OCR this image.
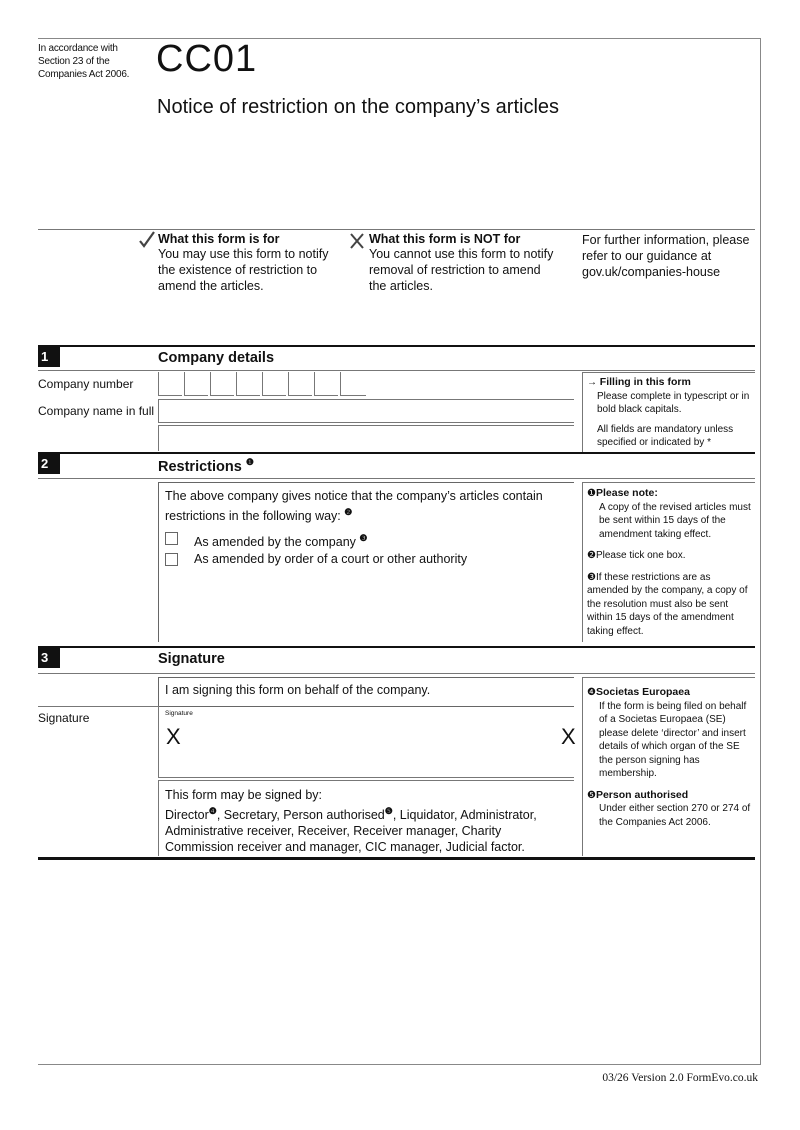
In accordance with
Section 23 of the
Companies Act 2006. CC01
Notice of restriction on the company’s articles
What this form is for
You may use this form to notify the existence of restriction to amend the articles.
What this form is NOT for
You cannot use this form to notify removal of restriction to amend the articles.
For further information, please refer to our guidance at gov.uk/companies-house
1	Company details
Company number
Company name in full
→ Filling in this form
Please complete in typescript or in bold black capitals.
All fields are mandatory unless specified or indicated by *
2	Restrictions $^❶$
The above company gives notice that the company’s articles contain restrictions in the following way: $^❷$
As amended by the company $^❸$
As amended by order of a court or other authority
❶Please note:
A copy of the revised articles must be sent within 15 days of the amendment taking effect.
❷Please tick one box.
❸If these restrictions are as amended by the company, a copy of the resolution must also be sent within 15 days of the amendment taking effect.
3	Signature
I am signing this form on behalf of the company.
Signature	Signature
X	X
This form may be signed by:
Director$^❹$, Secretary, Person authorised$^❺$, Liquidator, Administrator, Administrative receiver, Receiver, Receiver manager, Charity Commission receiver and manager, CIC manager, Judicial factor.
❹Societas Europaea
If the form is being filed on behalf of a Societas Europaea (SE) please delete ‘director’ and insert details of which organ of the SE the person signing has membership.
❺Person authorised
Under either section 270 or 274 of the Companies Act 2006.
03/26 Version 2.0 FormEvo.co.uk
